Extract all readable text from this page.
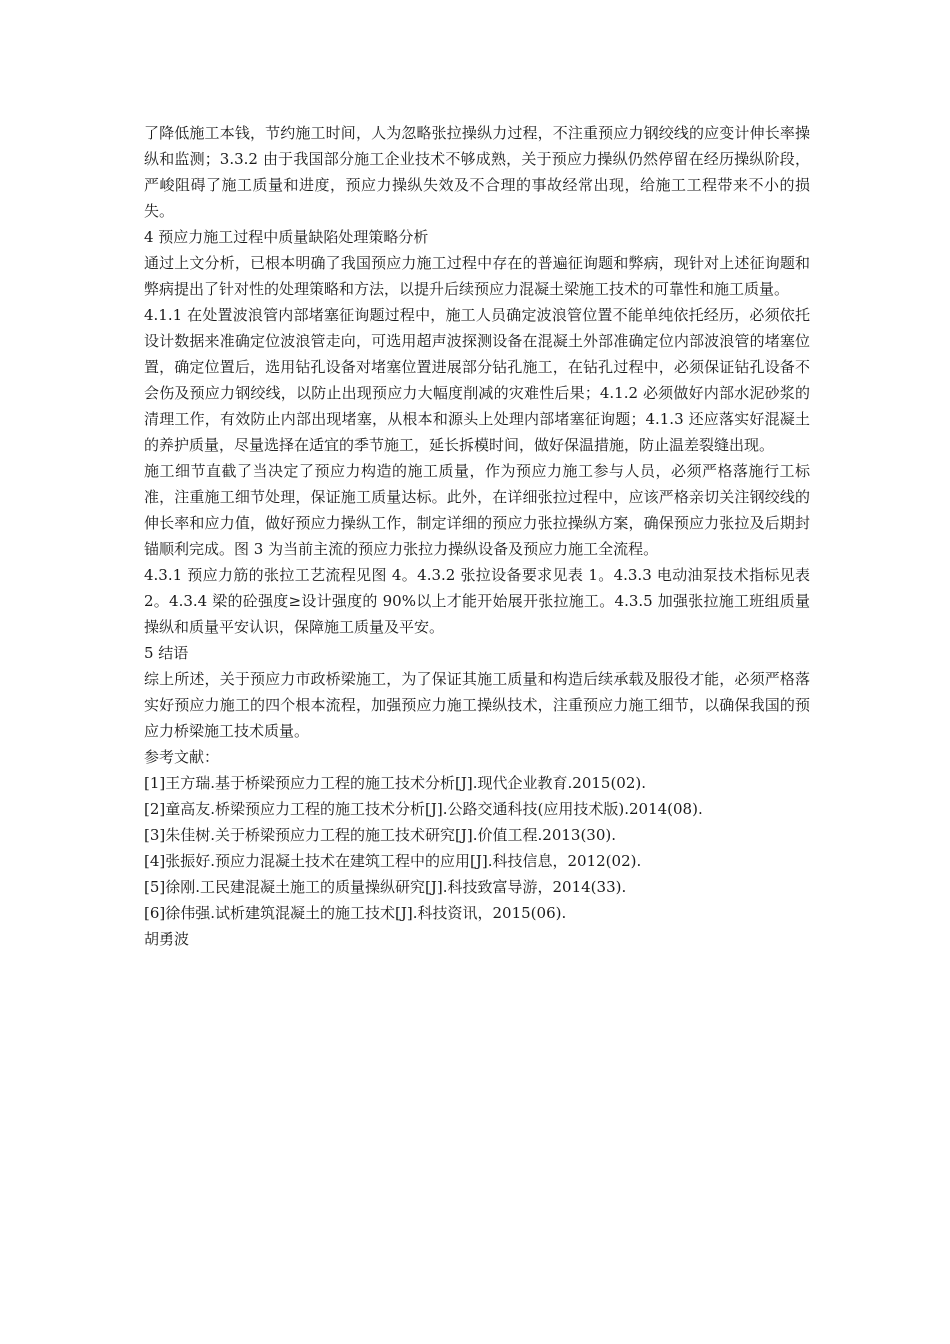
了降低施工本钱，节约施工时间，人为忽略张拉操纵力过程，不注重预应力钢绞线的应变计伸长率操纵和监测；3.3.2 由于我国部分施工企业技术不够成熟，关于预应力操纵仍然停留在经历操纵阶段，严峻阻碍了施工质量和进度，预应力操纵失效及不合理的事故经常出现，给施工工程带来不小的损失。

4 预应力施工过程中质量缺陷处理策略分析

通过上文分析，已根本明确了我国预应力施工过程中存在的普遍征询题和弊病，现针对上述征询题和弊病提出了针对性的处理策略和方法，以提升后续预应力混凝土梁施工技术的可靠性和施工质量。

4.1.1 在处置波浪管内部堵塞征询题过程中，施工人员确定波浪管位置不能单纯依托经历，必须依托设计数据来准确定位波浪管走向，可选用超声波探测设备在混凝土外部准确定位内部波浪管的堵塞位置，确定位置后，选用钻孔设备对堵塞位置进展部分钻孔施工，在钻孔过程中，必须保证钻孔设备不会伤及预应力钢绞线，以防止出现预应力大幅度削减的灾难性后果；4.1.2 必须做好内部水泥砂浆的清理工作，有效防止内部出现堵塞，从根本和源头上处理内部堵塞征询题；4.1.3 还应落实好混凝土的养护质量，尽量选择在适宜的季节施工，延长拆模时间，做好保温措施，防止温差裂缝出现。

施工细节直截了当决定了预应力构造的施工质量，作为预应力施工参与人员，必须严格落施行工标准，注重施工细节处理，保证施工质量达标。此外，在详细张拉过程中，应该严格亲切关注钢绞线的伸长率和应力值，做好预应力操纵工作，制定详细的预应力张拉操纵方案，确保预应力张拉及后期封锚顺利完成。图 3 为当前主流的预应力张拉力操纵设备及预应力施工全流程。

4.3.1 预应力筋的张拉工艺流程见图 4。4.3.2 张拉设备要求见表 1。4.3.3 电动油泵技术指标见表 2。4.3.4 梁的砼强度≥设计强度的 90%以上才能开始展开张拉施工。4.3.5 加强张拉施工班组质量操纵和质量平安认识，保障施工质量及平安。

5 结语

综上所述，关于预应力市政桥梁施工，为了保证其施工质量和构造后续承载及服役才能，必须严格落实好预应力施工的四个根本流程，加强预应力施工操纵技术，注重预应力施工细节，以确保我国的预应力桥梁施工技术质量。

参考文献：

[1]王方瑞.基于桥梁预应力工程的施工技术分析[J].现代企业教育.2015(02).

[2]童高友.桥梁预应力工程的施工技术分析[J].公路交通科技(应用技术版).2014(08).

[3]朱佳树.关于桥梁预应力工程的施工技术研究[J].价值工程.2013(30).

[4]张振好.预应力混凝土技术在建筑工程中的应用[J].科技信息，2012(02).

[5]徐刚.工民建混凝土施工的质量操纵研究[J].科技致富导游，2014(33).

[6]徐伟强.试析建筑混凝土的施工技术[J].科技资讯，2015(06).

胡勇波
